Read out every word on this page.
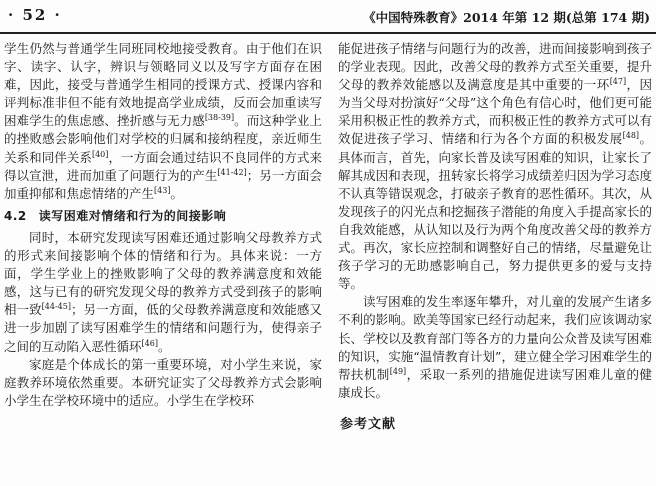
· 52 ·	《中国特殊教育》2014 年第 12 期(总第 174 期)

学生仍然与普通学生同班同校地接受教育。由于他们在识字、读字、认字，辨识与领略同义以及写字方面存在困难，因此，接受与普通学生相同的授课方式、授课内容和评判标准非但不能有效地提高学业成绩，反而会加重读写困难学生的焦虑感、挫折感与无力感[38-39]。而这种学业上的挫败感会影响他们对学校的归属和接纳程度，亲近师生关系和同伴关系[40]，一方面会通过结识不良同伴的方式来得以宣泄，进而加重了问题行为的产生[41-42]；另一方面会加重抑郁和焦虑情绪的产生[43]。

4.2 读写困难对情绪和行为的间接影响

同时，本研究发现读写困难还通过影响父母教养方式的形式来间接影响个体的情绪和行为。具体来说：一方面，学生学业上的挫败影响了父母的教养满意度和效能感，这与已有的研究发现父母的教养方式受到孩子的影响相一致[44-45]；另一方面，低的父母教养满意度和效能感又进一步加剧了读写困难学生的情绪和问题行为，使得亲子之间的互动陷入恶性循环[46]。

家庭是个体成长的第一重要环境，对小学生来说，家庭教养环境依然重要。本研究证实了父母教养方式会影响小学生在学校环境中的适应。小学生在学校环

能促进孩子情绪与问题行为的改善，进而间接影响到孩子的学业表现。因此，改善父母的教养方式至关重要，提升父母的教养效能感以及满意度是其中重要的一环[47]，因为当父母对扮演好“父母”这个角色有信心时，他们更可能采用积极正性的教养方式，而积极正性的教养方式可以有效促进孩子学习、情绪和行为各个方面的积极发展[48]。具体而言，首先，向家长普及读写困难的知识，让家长了解其成因和表现，扭转家长将学习成绩差归因为学习态度不认真等错误观念，打破亲子教育的恶性循环。其次，从发现孩子的闪光点和挖掘孩子潜能的角度入手提高家长的自我效能感，从认知以及行为两个角度改善父母的教养方式。再次，家长应控制和调整好自己的情绪，尽量避免让孩子学习的无助感影响自己，努力提供更多的爱与支持等。

读写困难的发生率逐年攀升，对儿童的发展产生诸多不利的影响。欧美等国家已经行动起来，我们应该调动家长、学校以及教育部门等各方的力量向公众普及读写困难的知识，实施“温情教育计划”，建立健全学习困难学生的帮扶机制[49]，采取一系列的措施促进读写困难儿童的健康成长。

参考文献
